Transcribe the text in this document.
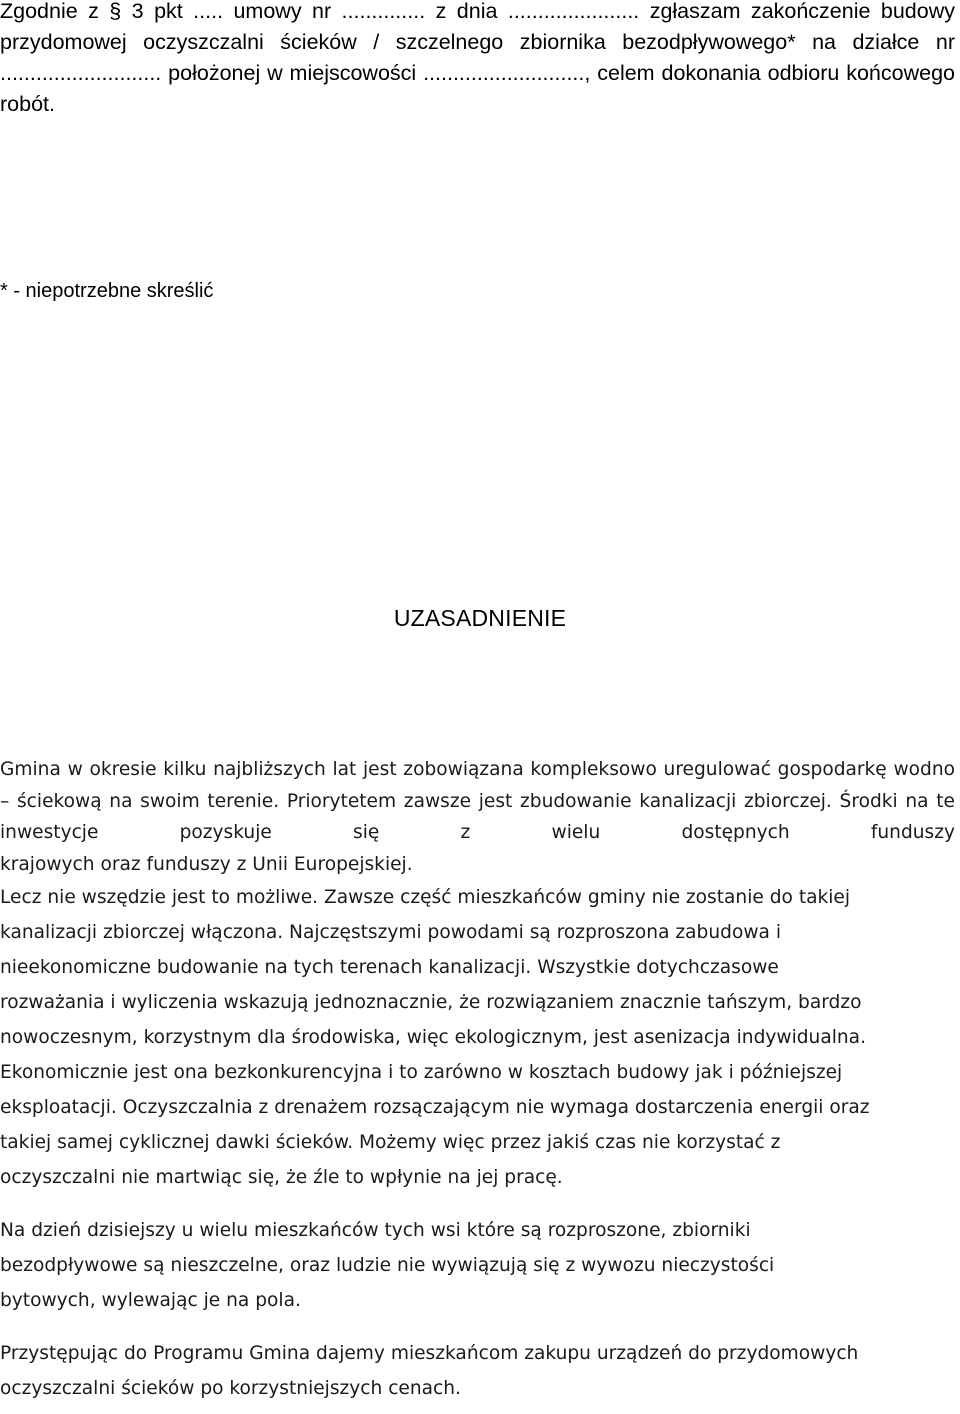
Zgodnie z § 3 pkt ..... umowy nr .............. z dnia ...................... zgłaszam zakończenie budowy przydomowej oczyszczalni ścieków / szczelnego zbiornika bezodpływowego* na działce nr ........................... położonej w miejscowości ..........................., celem dokonania odbioru końcowego robót.

* - niepotrzebne skreślić
UZASADNIENIE

Gmina w okresie kilku najbliższych lat jest zobowiązana kompleksowo uregulować gospodarkę wodno – ściekową na swoim terenie. Priorytetem zawsze jest zbudowanie kanalizacji zbiorczej. Środki na te inwestycje pozyskuje się z wielu dostępnych funduszy

krajowych oraz funduszy z Unii Europejskiej.

Lecz nie wszędzie jest to możliwe. Zawsze część mieszkańców gminy nie zostanie do takiej

kanalizacji zbiorczej włączona. Najczęstszymi powodami są rozproszona zabudowa i

nieekonomiczne budowanie na tych terenach kanalizacji. Wszystkie dotychczasowe

rozważania i wyliczenia wskazują jednoznacznie, że rozwiązaniem znacznie tańszym, bardzo

nowoczesnym, korzystnym dla środowiska, więc ekologicznym, jest asenizacja indywidualna.

Ekonomicznie jest ona bezkonkurencyjna i to zarówno w kosztach budowy jak i późniejszej

eksploatacji. Oczyszczalnia z drenażem rozsączającym nie wymaga dostarczenia energii oraz

takiej samej cyklicznej dawki ścieków. Możemy więc przez jakiś czas nie korzystać z

oczyszczalni nie martwiąc się, że źle to wpłynie na jej pracę.

Na dzień dzisiejszy u wielu mieszkańców tych wsi które są rozproszone, zbiorniki

bezodpływowe są nieszczelne, oraz ludzie nie wywiązują się z wywozu nieczystości

bytowych, wylewając je na pola.

Przystępując do Programu Gmina dajemy mieszkańcom zakupu urządzeń do przydomowych

oczyszczalni ścieków po korzystniejszych cenach.
